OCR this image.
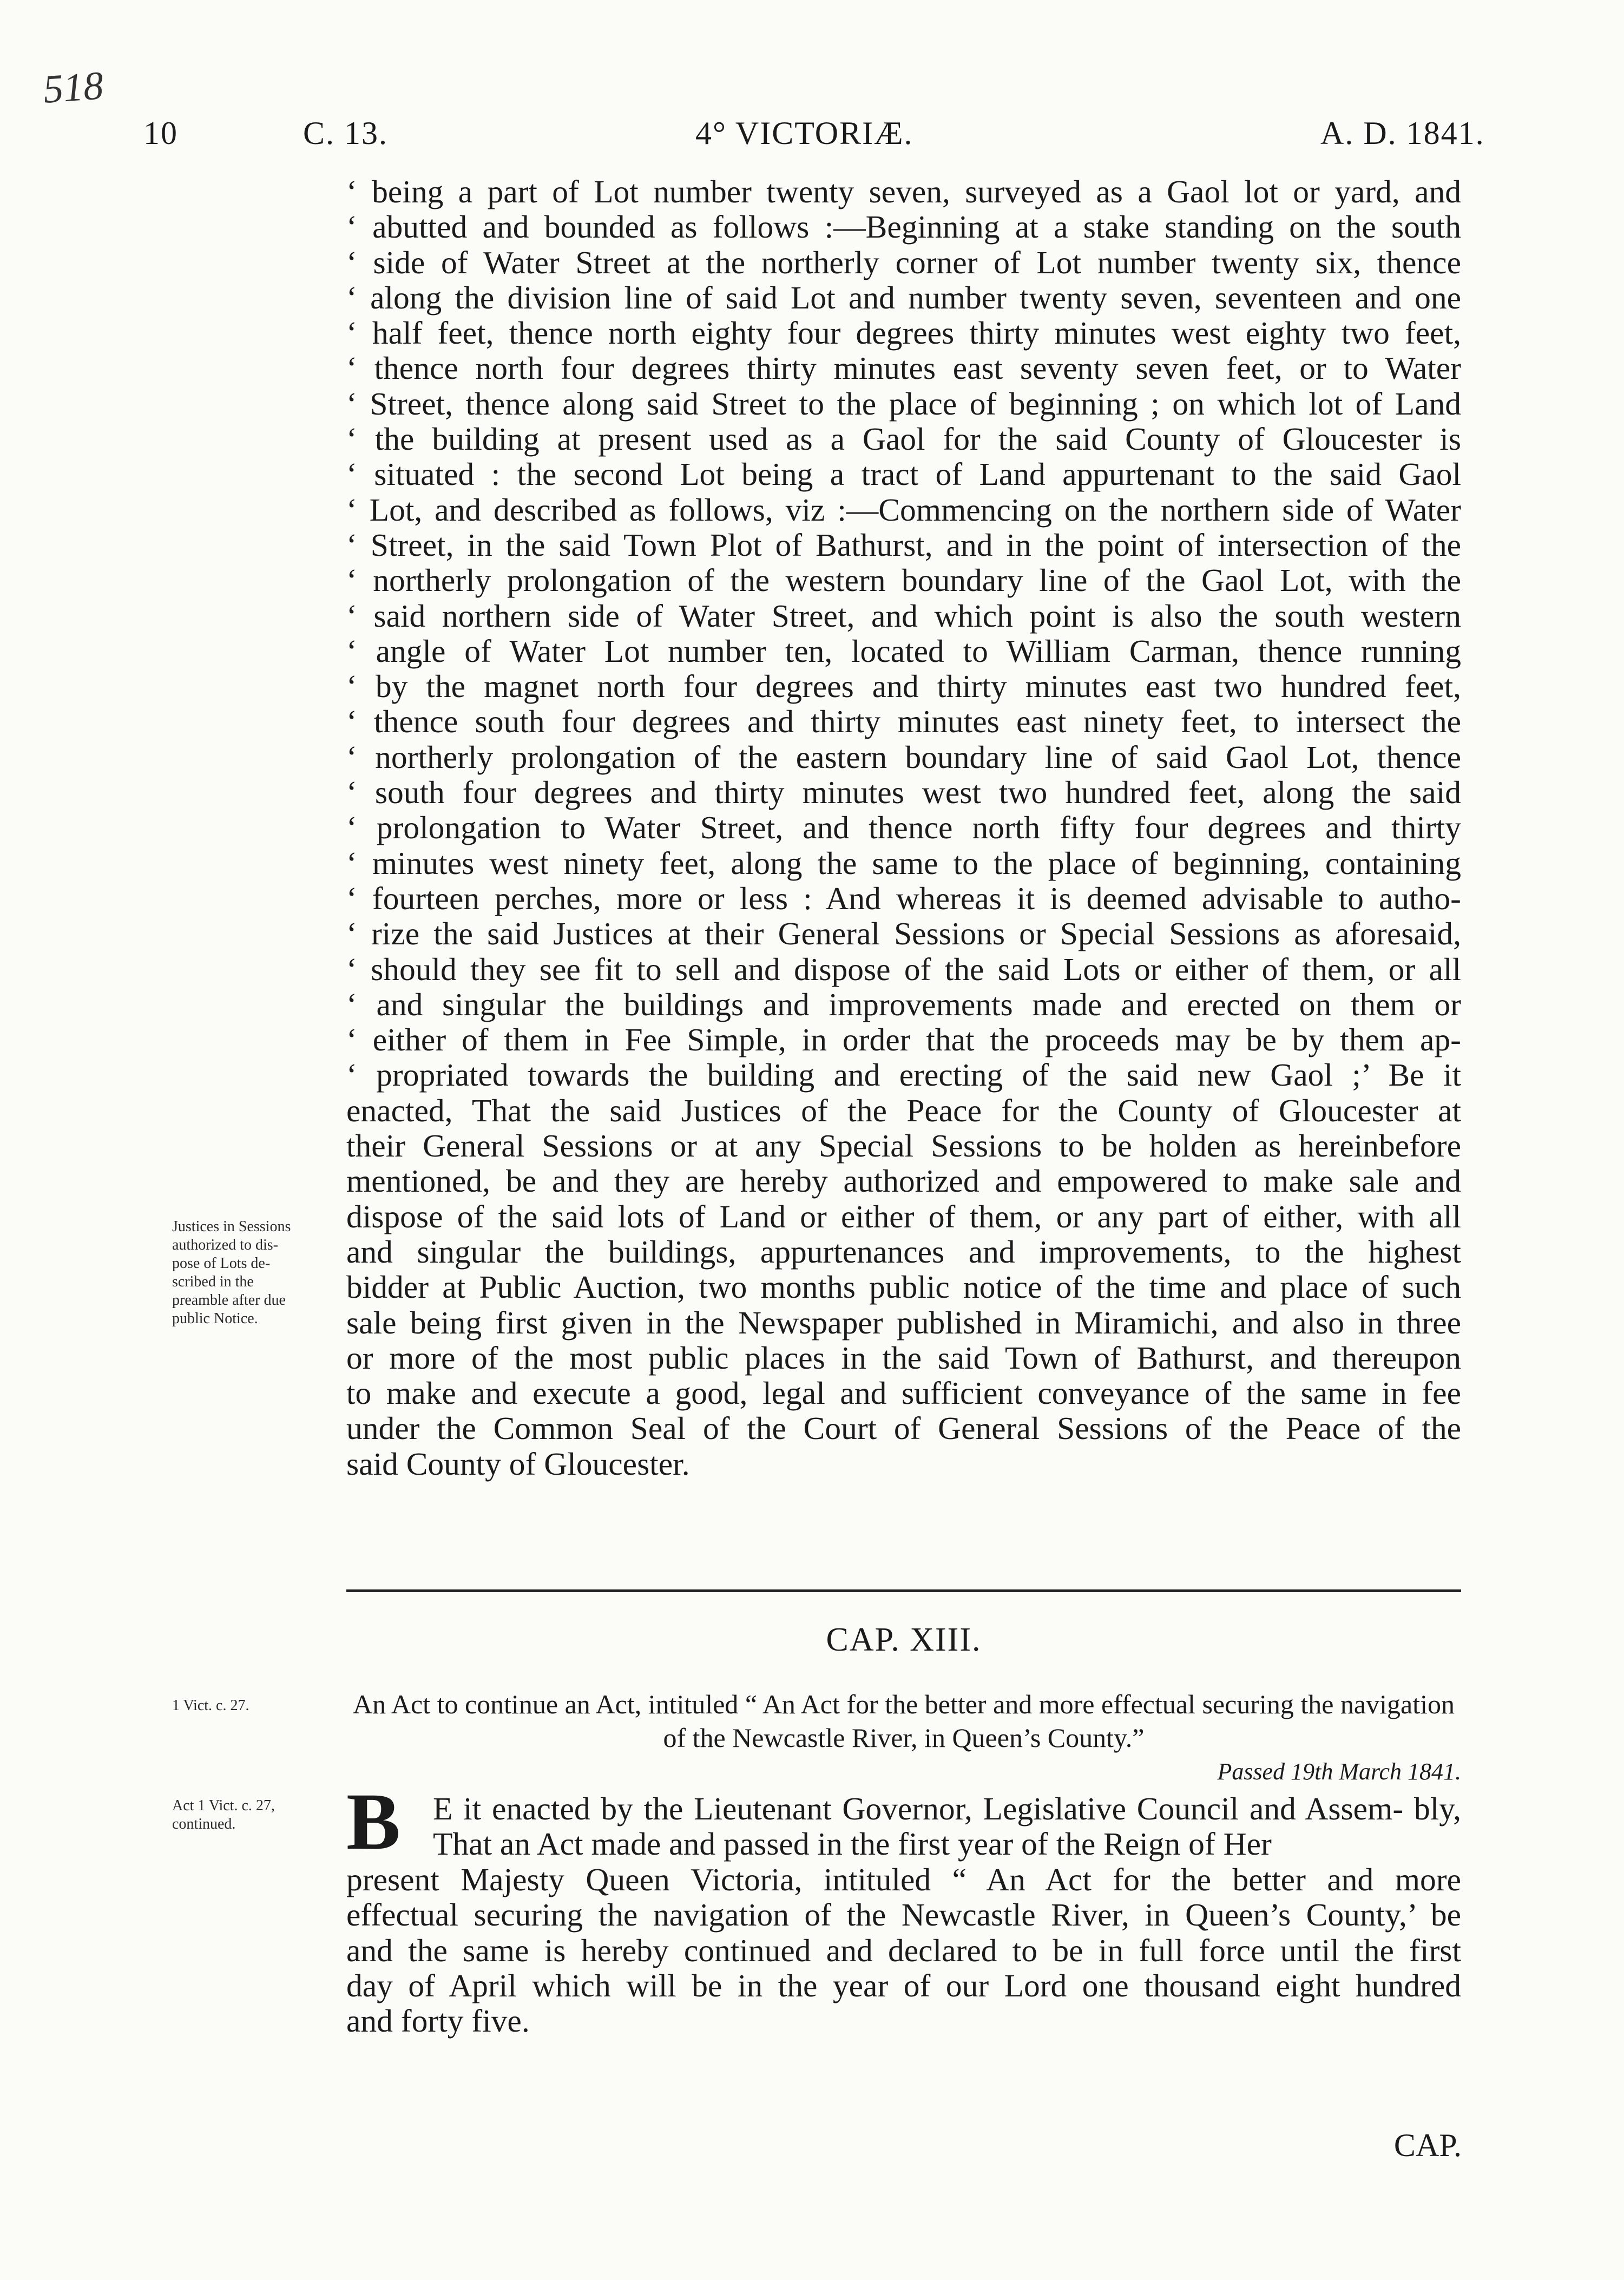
518
10	C. 13.	4° VICTORIÆ.	A. D. 1841.

‘ being a part of Lot number twenty seven, surveyed as a Gaol lot or yard, and
‘ abutted and bounded as follows :—Beginning at a stake standing on the south
‘ side of Water Street at the northerly corner of Lot number twenty six, thence
‘ along the division line of said Lot and number twenty seven, seventeen and one
‘ half feet, thence north eighty four degrees thirty minutes west eighty two feet,
‘ thence north four degrees thirty minutes east seventy seven feet, or to Water
‘ Street, thence along said Street to the place of beginning ; on which lot of Land
‘ the building at present used as a Gaol for the said County of Gloucester is
‘ situated : the second Lot being a tract of Land appurtenant to the said Gaol
‘ Lot, and described as follows, viz :—Commencing on the northern side of Water
‘ Street, in the said Town Plot of Bathurst, and in the point of intersection of the
‘ northerly prolongation of the western boundary line of the Gaol Lot, with the
‘ said northern side of Water Street, and which point is also the south western
‘ angle of Water Lot number ten, located to William Carman, thence running
‘ by the magnet north four degrees and thirty minutes east two hundred feet,
‘ thence south four degrees and thirty minutes east ninety feet, to intersect the
‘ northerly prolongation of the eastern boundary line of said Gaol Lot, thence
‘ south four degrees and thirty minutes west two hundred feet, along the said
‘ prolongation to Water Street, and thence north fifty four degrees and thirty
‘ minutes west ninety feet, along the same to the place of beginning, containing
‘ fourteen perches, more or less : And whereas it is deemed advisable to autho-
‘ rize the said Justices at their General Sessions or Special Sessions as aforesaid,
‘ should they see fit to sell and dispose of the said Lots or either of them, or all
‘ and singular the buildings and improvements made and erected on them or
‘ either of them in Fee Simple, in order that the proceeds may be by them ap-
‘ propriated towards the building and erecting of the said new Gaol ;’ Be it
enacted, That the said Justices of the Peace for the County of Gloucester at
their General Sessions or at any Special Sessions to be holden as hereinbefore
mentioned, be and they are hereby authorized and empowered to make sale and
dispose of the said lots of Land or either of them, or any part of either, with all
and singular the buildings, appurtenances and improvements, to the highest
bidder at Public Auction, two months public notice of the time and place of such
sale being first given in the Newspaper published in Miramichi, and also in three
or more of the most public places in the said Town of Bathurst, and thereupon
to make and execute a good, legal and sufficient conveyance of the same in fee
under the Common Seal of the Court of General Sessions of the Peace of the
said County of Gloucester.

Justices in Sessions
authorized to dis-
pose of Lots de-
scribed in the
preamble after due
public Notice.
CAP. XIII.
1 Vict. c. 27.	An Act to continue an Act, intituled “ An Act for the better and more effectual securing the navigation of the Newcastle River, in Queen’s County.”
Passed 19th March 1841.
Act 1 Vict. c. 27,
continued.	B E it enacted by the Lieutenant Governor, Legislative Council and Assem- bly, That an Act made and passed in the first year of the Reign of Her
present Majesty Queen Victoria, intituled “ An Act for the better and more
effectual securing the navigation of the Newcastle River, in Queen’s County,’ be
and the same is hereby continued and declared to be in full force until the first
day of April which will be in the year of our Lord one thousand eight hundred
and forty five.
CAP.
